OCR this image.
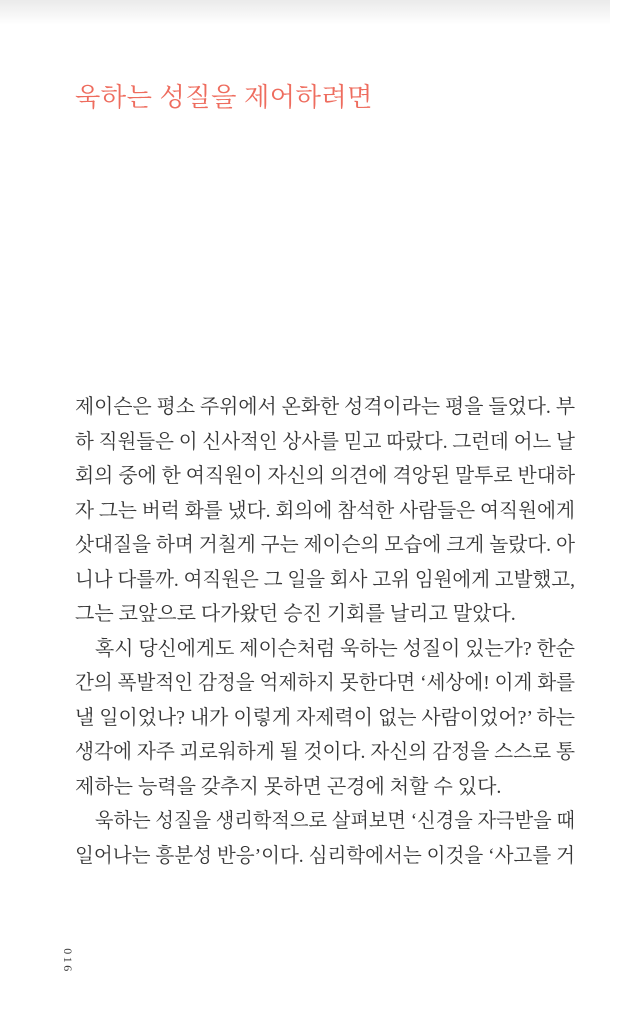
욱하는 성질을 제어하려면
제이슨은 평소 주위에서 온화한 성격이라는 평을 들었다. 부
하 직원들은 이 신사적인 상사를 믿고 따랐다. 그런데 어느 날
회의 중에 한 여직원이 자신의 의견에 격앙된 말투로 반대하
자 그는 버럭 화를 냈다. 회의에 참석한 사람들은 여직원에게
삿대질을 하며 거칠게 구는 제이슨의 모습에 크게 놀랐다. 아
니나 다를까. 여직원은 그 일을 회사 고위 임원에게 고발했고,
그는 코앞으로 다가왔던 승진 기회를 날리고 말았다.
혹시 당신에게도 제이슨처럼 욱하는 성질이 있는가? 한순
간의 폭발적인 감정을 억제하지 못한다면 ‘세상에! 이게 화를
낼 일이었나? 내가 이렇게 자제력이 없는 사람이었어?’ 하는
생각에 자주 괴로워하게 될 것이다. 자신의 감정을 스스로 통
제하는 능력을 갖추지 못하면 곤경에 처할 수 있다.
욱하는 성질을 생리학적으로 살펴보면 ‘신경을 자극받을 때
일어나는 흥분성 반응’이다. 심리학에서는 이것을 ‘사고를 거
016
